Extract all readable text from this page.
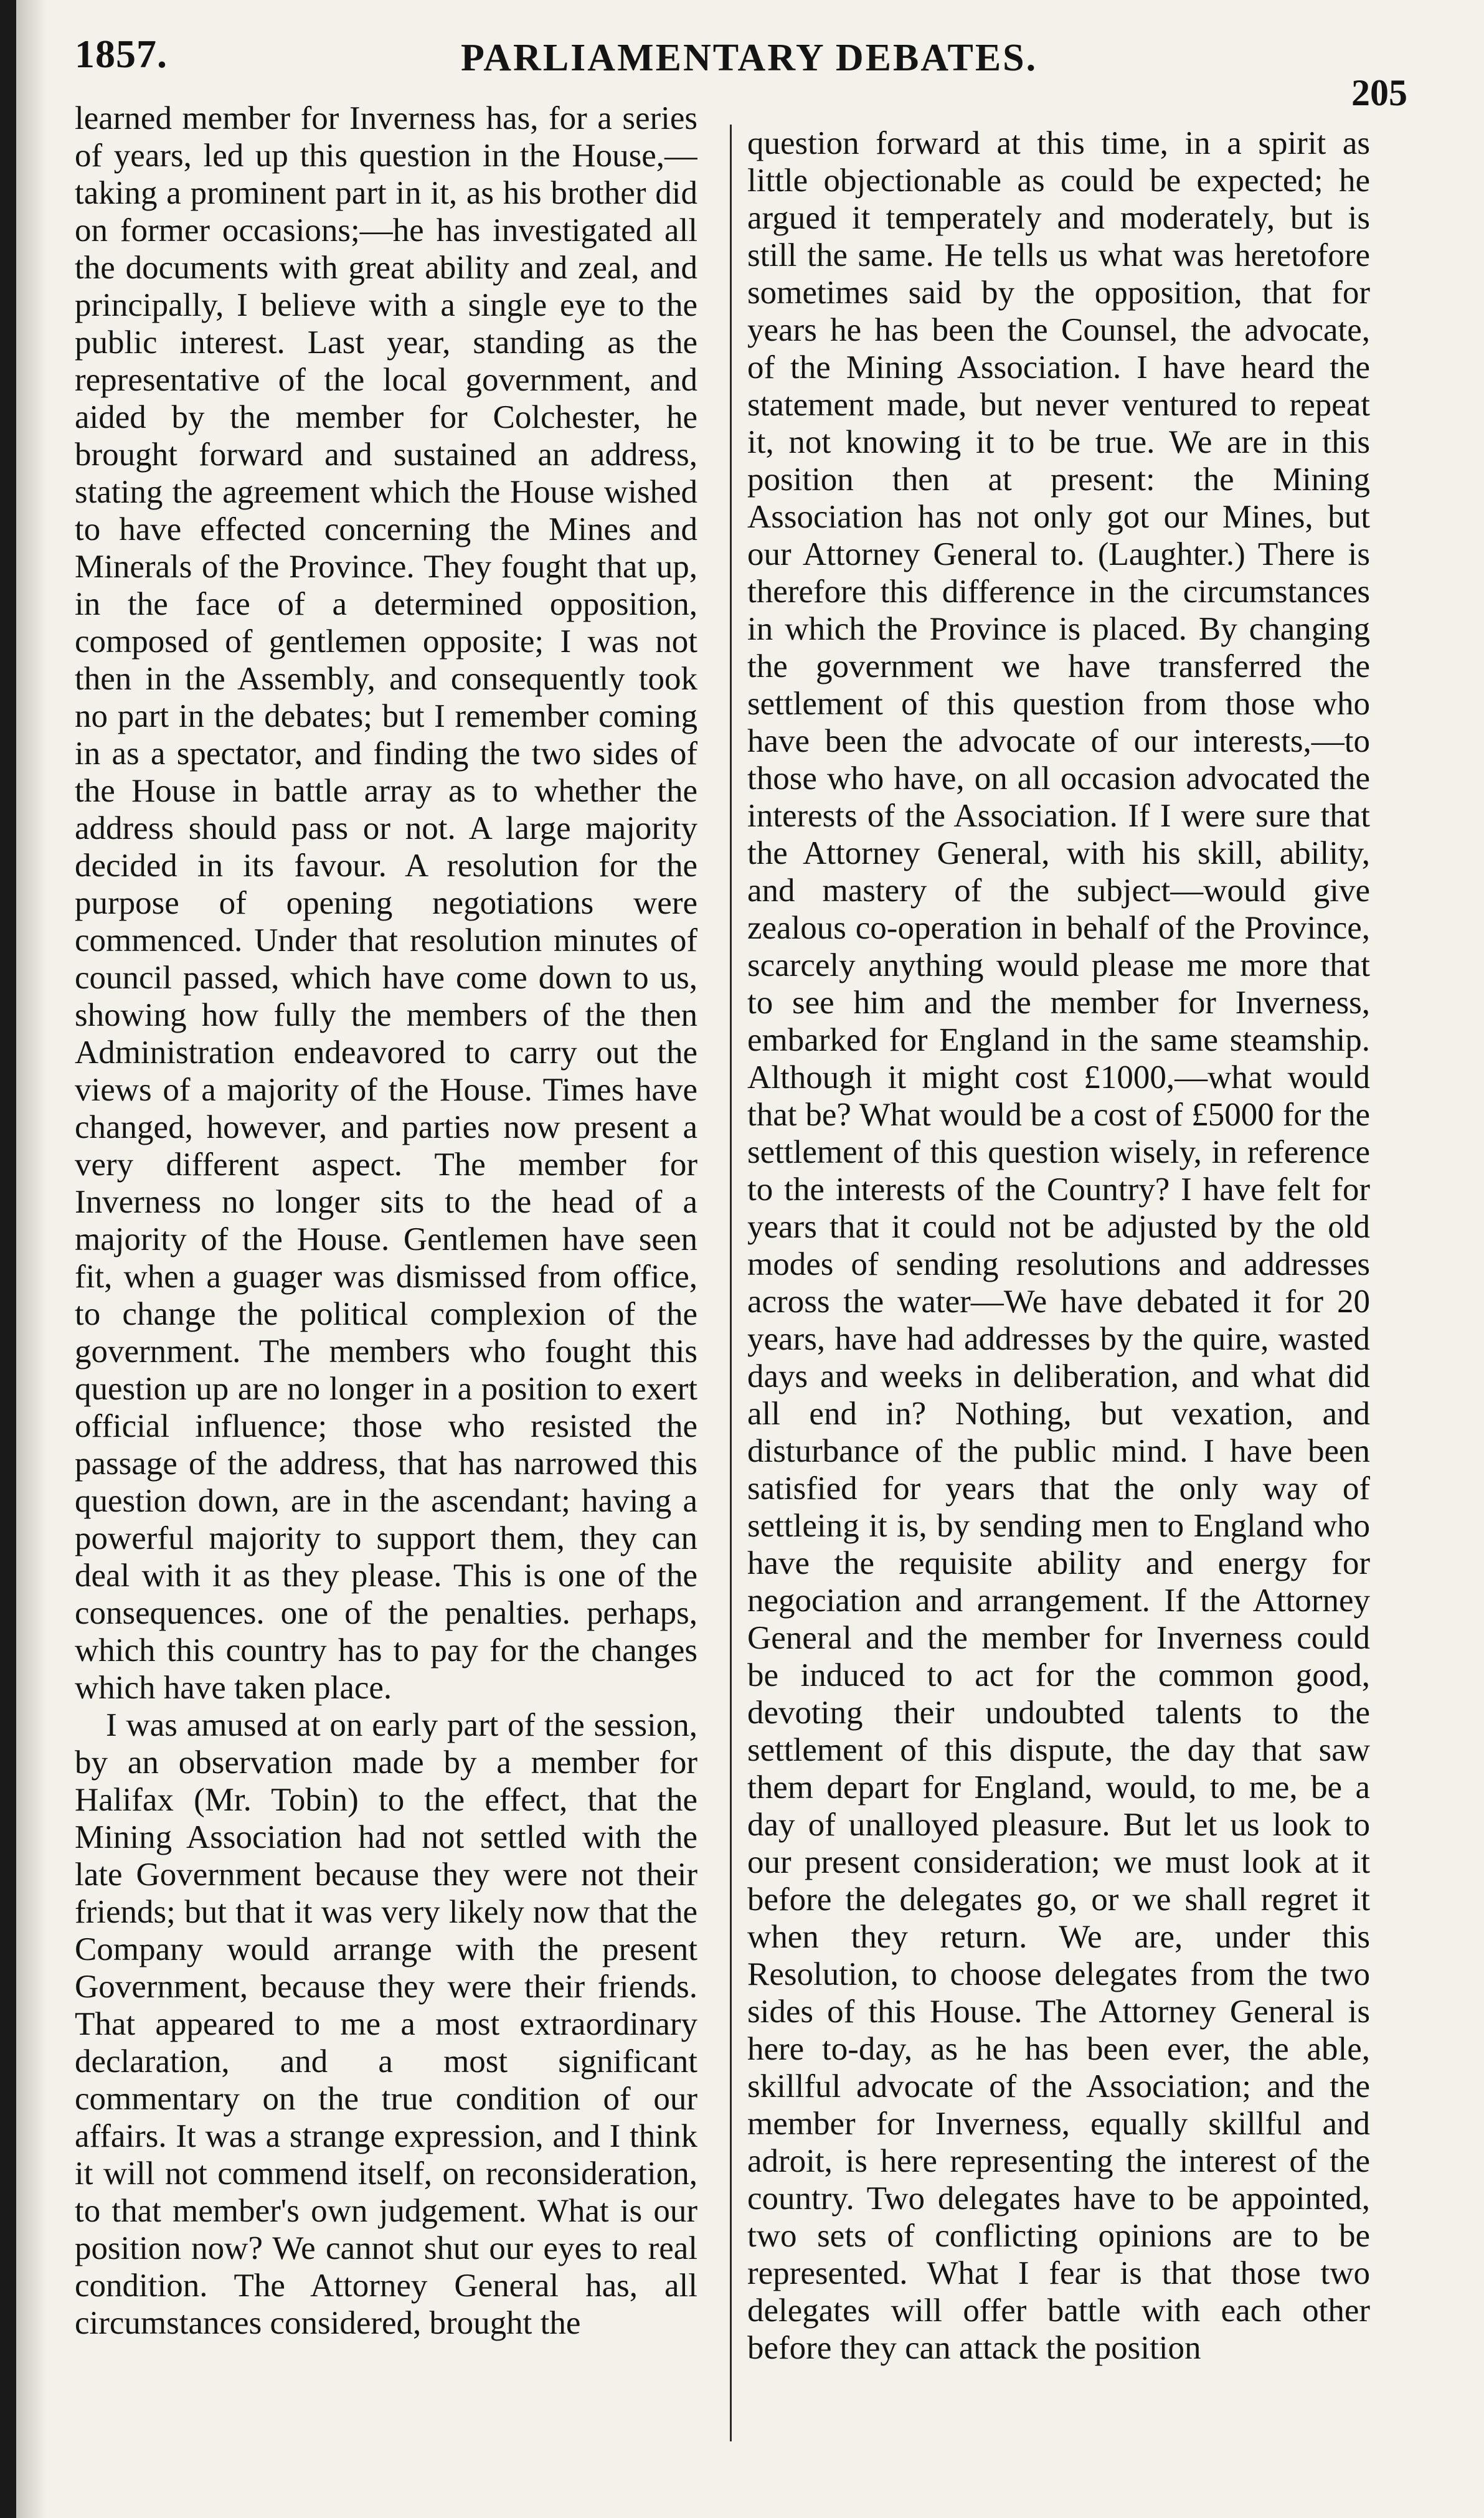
1857.	PARLIAMENTARY DEBATES.
205

learned member for Inverness has, for a series of years, led up this question in the House,—taking a prominent part in it, as his brother did on former occasions;—he has investigated all the documents with great ability and zeal, and principally, I believe with a single eye to the public interest. Last year, standing as the representative of the local government, and aided by the member for Colchester, he brought forward and sustained an address, stating the agreement which the House wished to have effected concerning the Mines and Minerals of the Province. They fought that up, in the face of a determined opposition, composed of gentlemen opposite; I was not then in the Assembly, and consequently took no part in the debates; but I remember coming in as a spectator, and finding the two sides of the House in battle array as to whether the address should pass or not. A large majority decided in its favour. A resolution for the purpose of opening negotiations were commenced. Under that resolution minutes of council passed, which have come down to us, showing how fully the members of the then Administration endeavored to carry out the views of a majority of the House. Times have changed, however, and parties now present a very different aspect. The member for Inverness no longer sits to the head of a majority of the House. Gentlemen have seen fit, when a guager was dismissed from office, to change the political complexion of the government. The members who fought this question up are no longer in a position to exert official influence; those who resisted the passage of the address, that has narrowed this question down, are in the ascendant; having a powerful majority to support them, they can deal with it as they please. This is one of the consequences. one of the penalties. perhaps, which this country has to pay for the changes which have taken place.

I was amused at on early part of the session, by an observation made by a member for Halifax (Mr. Tobin) to the effect, that the Mining Association had not settled with the late Government because they were not their friends; but that it was very likely now that the Company would arrange with the present Government, because they were their friends. That appeared to me a most extraordinary declaration, and a most significant commentary on the true condition of our affairs. It was a strange expression, and I think it will not commend itself, on reconsideration, to that member's own judgement. What is our position now? We cannot shut our eyes to real condition. The Attorney General has, all circumstances considered, brought the

question forward at this time, in a spirit as little objectionable as could be expected; he argued it temperately and moderately, but is still the same. He tells us what was heretofore sometimes said by the opposition, that for years he has been the Counsel, the advocate, of the Mining Association. I have heard the statement made, but never ventured to repeat it, not knowing it to be true. We are in this position then at present: the Mining Association has not only got our Mines, but our Attorney General to. (Laughter.) There is therefore this difference in the circumstances in which the Province is placed. By changing the government we have transferred the settlement of this question from those who have been the advocate of our interests,—to those who have, on all occasion advocated the interests of the Association. If I were sure that the Attorney General, with his skill, ability, and mastery of the subject—would give zealous co-operation in behalf of the Province, scarcely anything would please me more that to see him and the member for Inverness, embarked for England in the same steamship. Although it might cost £1000,—what would that be? What would be a cost of £5000 for the settlement of this question wisely, in reference to the interests of the Country? I have felt for years that it could not be adjusted by the old modes of sending resolutions and addresses across the water—We have debated it for 20 years, have had addresses by the quire, wasted days and weeks in deliberation, and what did all end in? Nothing, but vexation, and disturbance of the public mind. I have been satisfied for years that the only way of settleing it is, by sending men to England who have the requisite ability and energy for negociation and arrangement. If the Attorney General and the member for Inverness could be induced to act for the common good, devoting their undoubted talents to the settlement of this dispute, the day that saw them depart for England, would, to me, be a day of unalloyed pleasure. But let us look to our present consideration; we must look at it before the delegates go, or we shall regret it when they return. We are, under this Resolution, to choose delegates from the two sides of this House. The Attorney General is here to-day, as he has been ever, the able, skillful advocate of the Association; and the member for Inverness, equally skillful and adroit, is here representing the interest of the country. Two delegates have to be appointed, two sets of conflicting opinions are to be represented. What I fear is that those two delegates will offer battle with each other before they can attack the position
